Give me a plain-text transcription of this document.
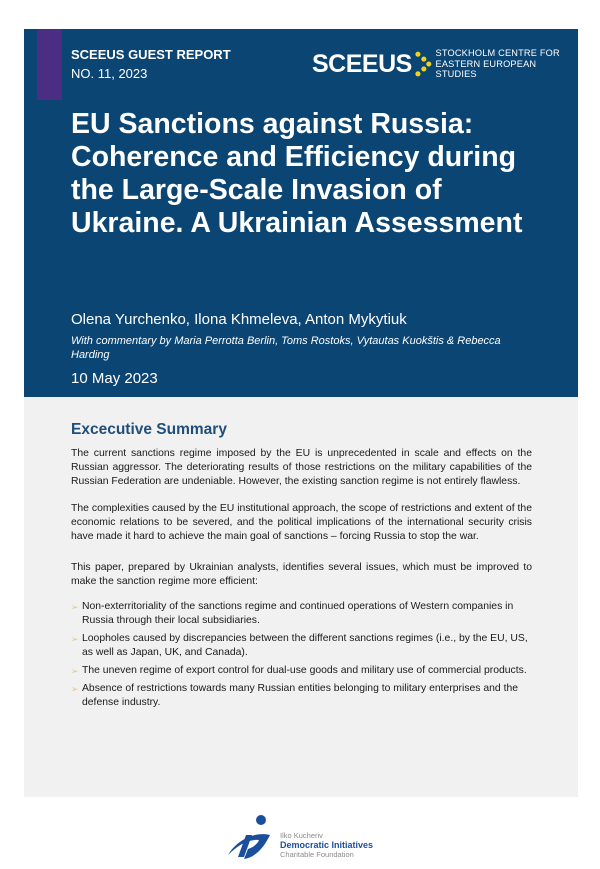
SCEEUS GUEST REPORT
NO. 11, 2023	SCEEUS	STOCKHOLM CENTRE FOR
EASTERN EUROPEAN STUDIES
EU Sanctions against Russia: Coherence and Efficiency during the Large-Scale Invasion of Ukraine. A Ukrainian Assessment
Olena Yurchenko, Ilona Khmeleva, Anton Mykytiuk
With commentary by Maria Perrotta Berlin, Toms Rostoks, Vytautas Kuokštis & Rebecca Harding
10 May 2023
Excecutive Summary

The current sanctions regime imposed by the EU is unprecedented in scale and effects on the Russian aggressor. The deteriorating results of those restrictions on the military capabilities of the Russian Federation are undeniable. However, the existing sanction regime is not entirely flawless.

The complexities caused by the EU institutional approach, the scope of restrictions and extent of the economic relations to be severed, and the political implications of the international security crisis have made it hard to achieve the main goal of sanctions – forcing Russia to stop the war.

This paper, prepared by Ukrainian analysts, identifies several issues, which must be improved to make the sanction regime more efficient:

➢ Non-exterritoriality of the sanctions regime and continued operations of Western companies in Russia through their local subsidiaries.
➢ Loopholes caused by discrepancies between the different sanctions regimes (i.e., by the EU, US, as well as Japan, UK, and Canada).
➢ The uneven regime of export control for dual-use goods and military use of commercial products.
➢ Absence of restrictions towards many Russian entities belonging to military enterprises and the defense industry.
Ilko Kucheriv
Democratic Initiatives
Charitable Foundation
